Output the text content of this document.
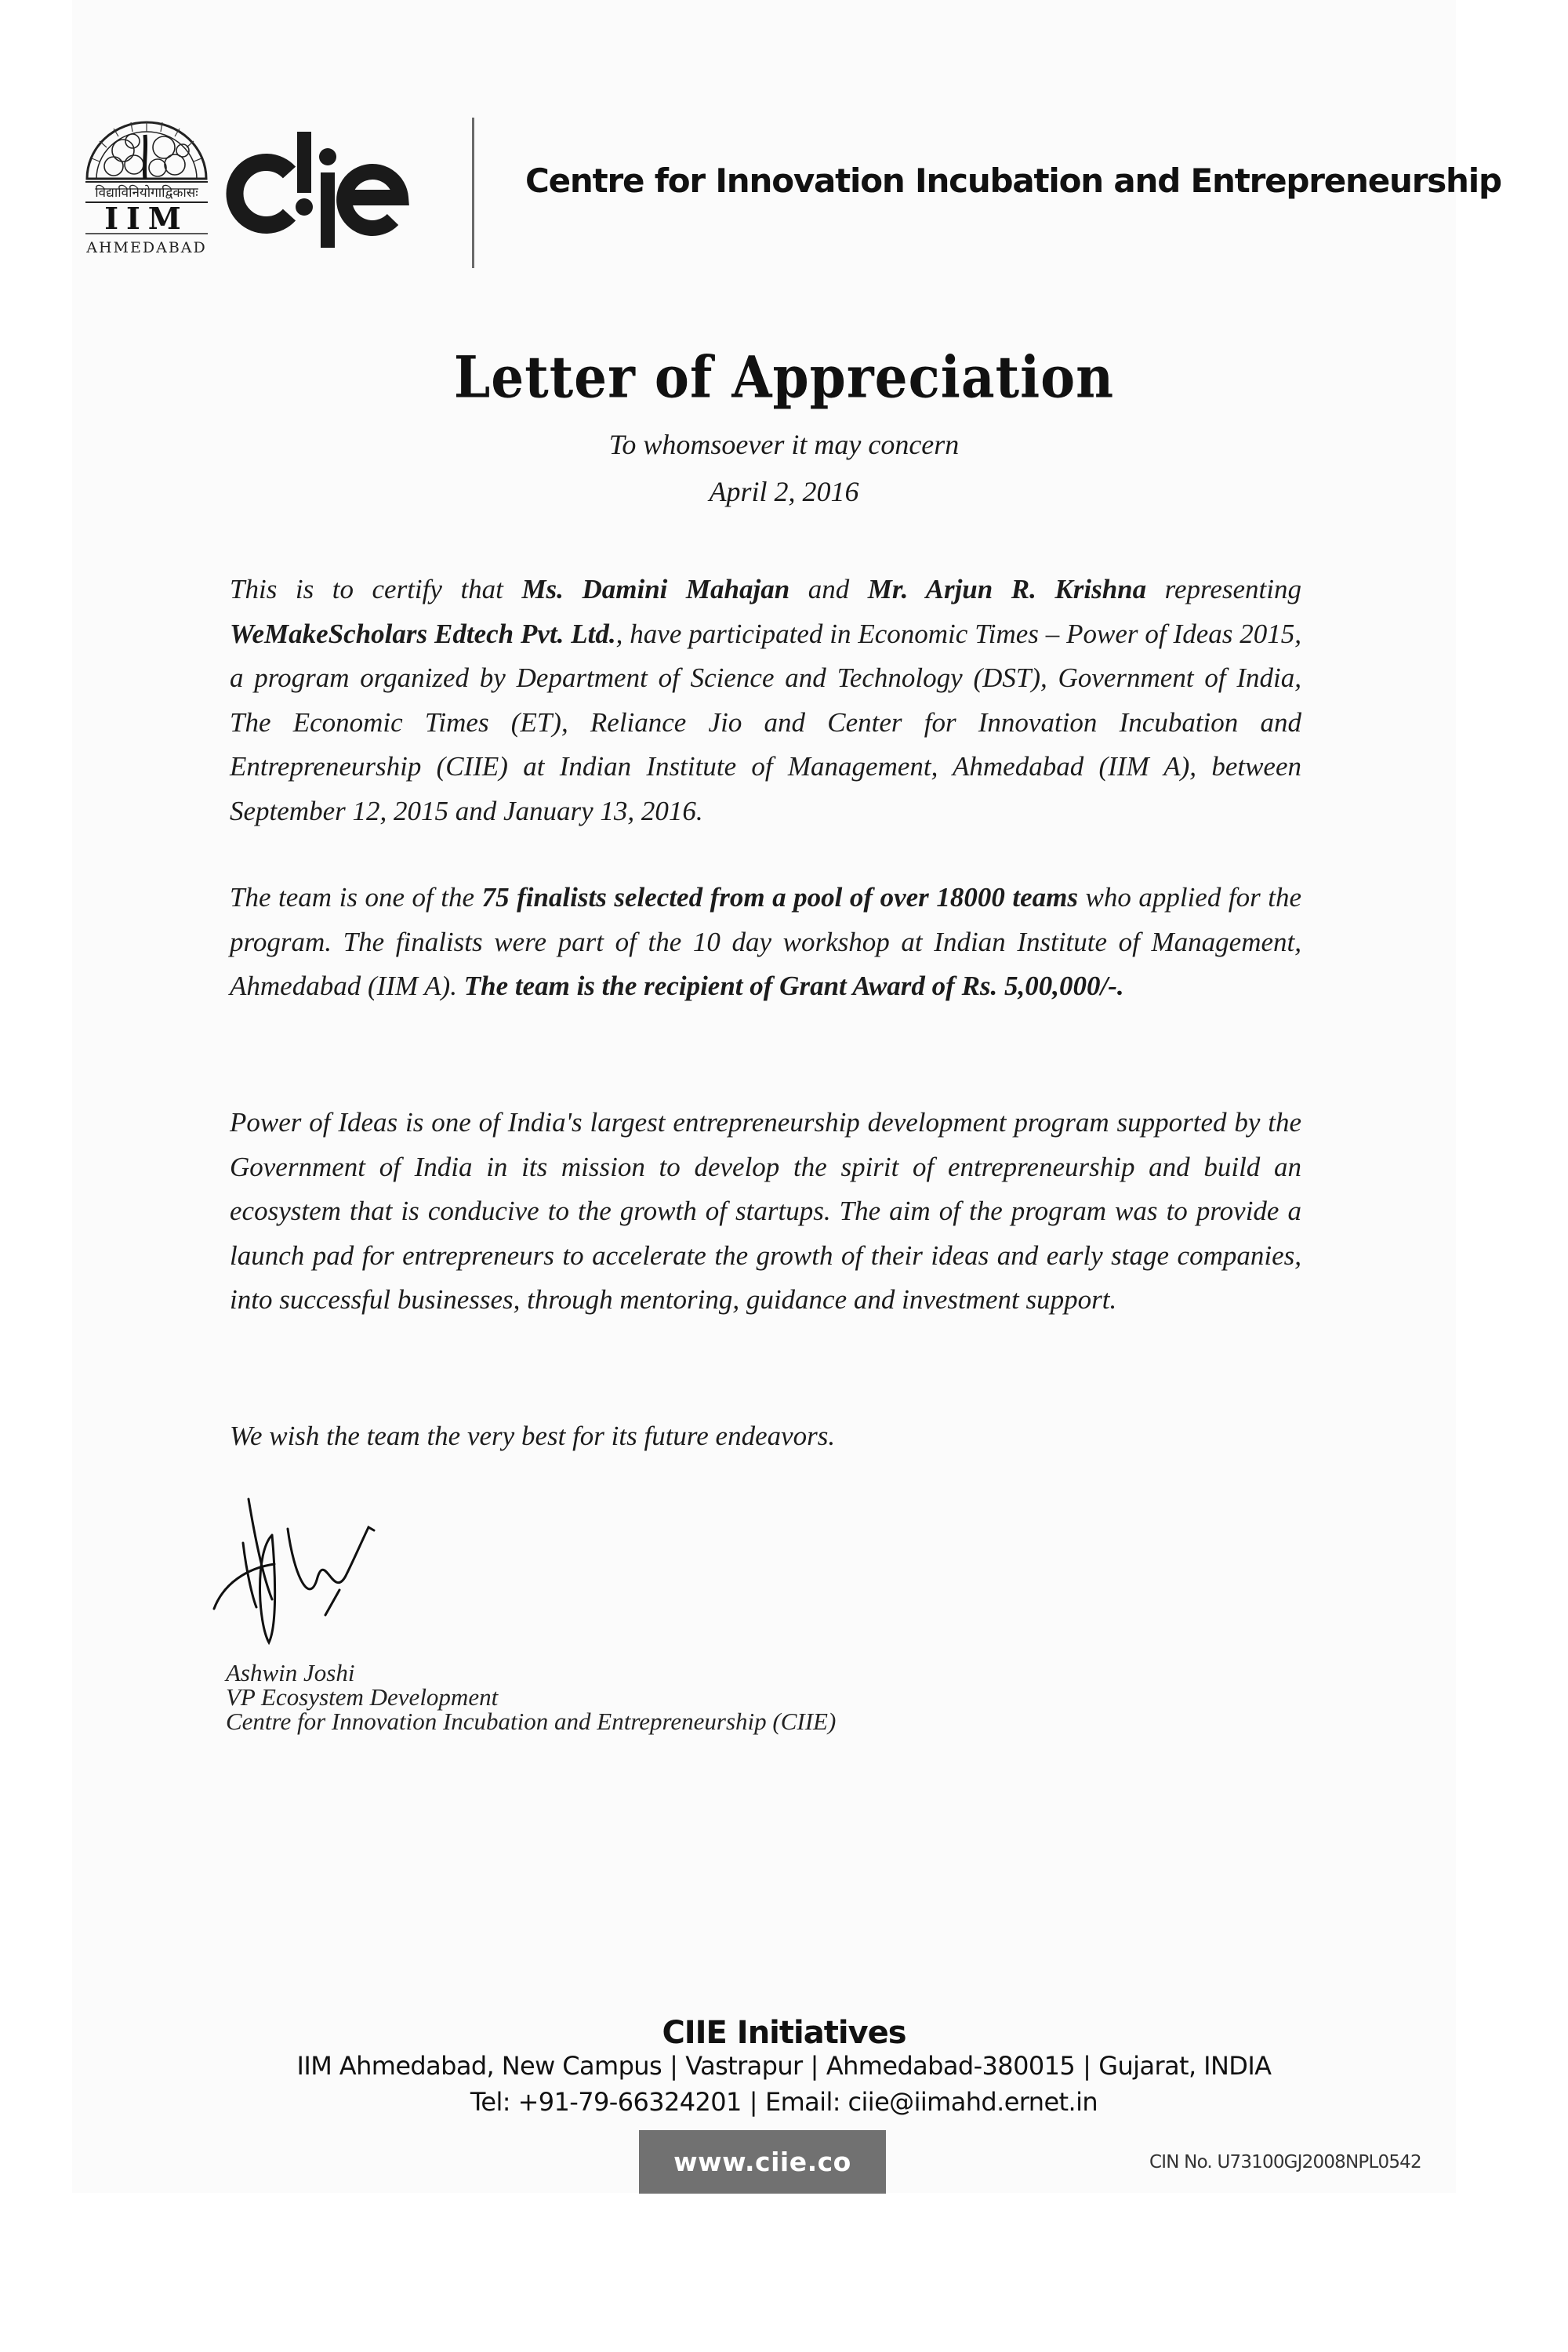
विद्याविनियोगाद्विकासः
IIM
AHMEDABAD
Centre for Innovation Incubation and Entrepreneurship
Letter of Appreciation
To whomsoever it may concern
April 2, 2016

This is to certify that Ms. Damini Mahajan and Mr. Arjun R. Krishna representing WeMakeScholars Edtech Pvt. Ltd., have participated in Economic Times – Power of Ideas 2015, a program organized by Department of Science and Technology (DST), Government of India, The Economic Times (ET), Reliance Jio and Center for Innovation Incubation and Entrepreneurship (CIIE) at Indian Institute of Management, Ahmedabad (IIM A), between September 12, 2015 and January 13, 2016.

The team is one of the 75 finalists selected from a pool of over 18000 teams who applied for the program. The finalists were part of the 10 day workshop at Indian Institute of Management, Ahmedabad (IIM A). The team is the recipient of Grant Award of Rs. 5,00,000/-.

Power of Ideas is one of India's largest entrepreneurship development program supported by the Government of India in its mission to develop the spirit of entrepreneurship and build an ecosystem that is conducive to the growth of startups. The aim of the program was to provide a launch pad for entrepreneurs to accelerate the growth of their ideas and early stage companies, into successful businesses, through mentoring, guidance and investment support.

We wish the team the very best for its future endeavors.

Ashwin Joshi
VP Ecosystem Development
Centre for Innovation Incubation and Entrepreneurship (CIIE)
CIIE Initiatives
IIM Ahmedabad, New Campus | Vastrapur | Ahmedabad-380015 | Gujarat, INDIA
Tel: +91-79-66324201 | Email: ciie@iimahd.ernet.in
www.ciie.co	CIN No. U73100GJ2008NPL0542
